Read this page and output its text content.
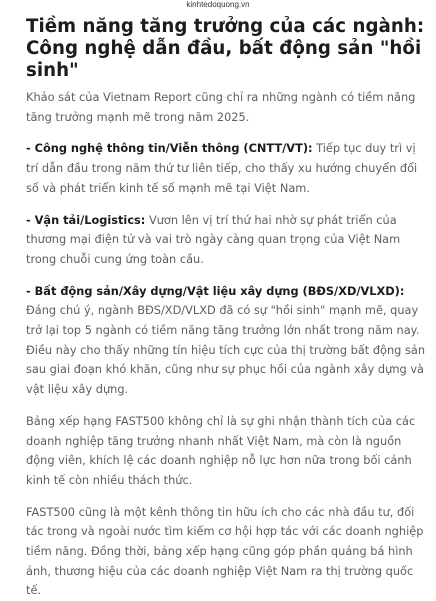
kinhtedoquong.vn
Tiềm năng tăng trưởng của các ngành: Công nghệ dẫn đầu, bất động sản "hồi sinh"

Khảo sát của Vietnam Report cũng chỉ ra những ngành có tiềm năng tăng trưởng mạnh mẽ trong năm 2025.

- Công nghệ thông tin/Viễn thông (CNTT/VT): Tiếp tục duy trì vị trí dẫn đầu trong năm thứ tư liên tiếp, cho thấy xu hướng chuyển đổi số và phát triển kinh tế số mạnh mẽ tại Việt Nam.

- Vận tải/Logistics: Vươn lên vị trí thứ hai nhờ sự phát triển của thương mại điện tử và vai trò ngày càng quan trọng của Việt Nam trong chuỗi cung ứng toàn cầu.

- Bất động sản/Xây dựng/Vật liệu xây dựng (BĐS/XD/VLXD): Đáng chú ý, ngành BĐS/XD/VLXD đã có sự "hồi sinh" mạnh mẽ, quay trở lại top 5 ngành có tiềm năng tăng trưởng lớn nhất trong năm nay. Điều này cho thấy những tín hiệu tích cực của thị trường bất động sản sau giai đoạn khó khăn, cũng như sự phục hồi của ngành xây dựng và vật liệu xây dựng.

Bảng xếp hạng FAST500 không chỉ là sự ghi nhận thành tích của các doanh nghiệp tăng trưởng nhanh nhất Việt Nam, mà còn là nguồn động viên, khích lệ các doanh nghiệp nỗ lực hơn nữa trong bối cảnh kinh tế còn nhiều thách thức.

FAST500 cũng là một kênh thông tin hữu ích cho các nhà đầu tư, đối tác trong và ngoài nước tìm kiếm cơ hội hợp tác với các doanh nghiệp tiềm năng. Đồng thời, bảng xếp hạng cũng góp phần quảng bá hình ảnh, thương hiệu của các doanh nghiệp Việt Nam ra thị trường quốc tế.
